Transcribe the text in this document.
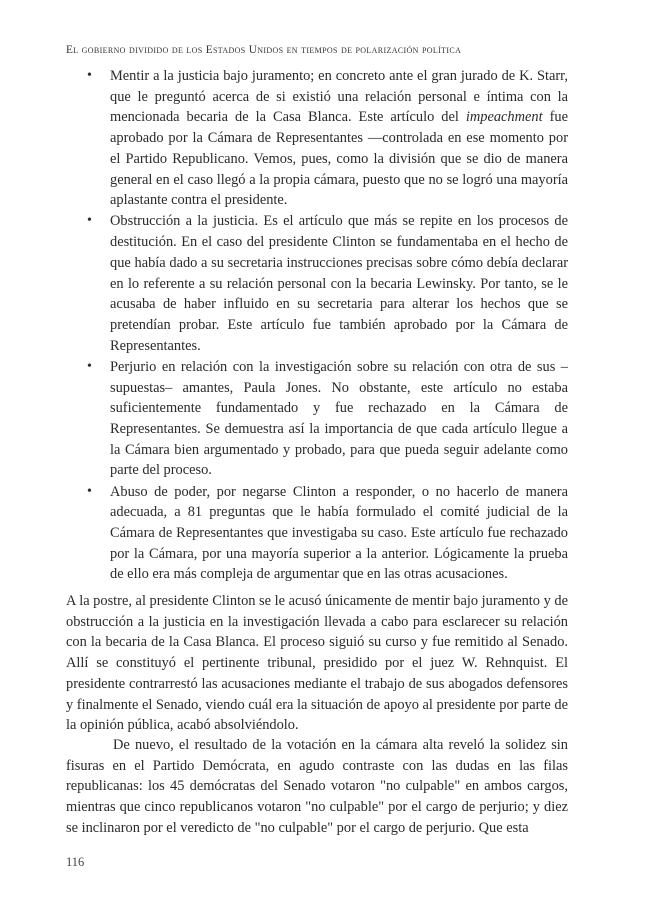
El gobierno dividido de los Estados Unidos en tiempos de polarización política
• Mentir a la justicia bajo juramento; en concreto ante el gran jurado de K. Starr, que le preguntó acerca de si existió una relación personal e íntima con la mencionada becaria de la Casa Blanca. Este artículo del impeachment fue aprobado por la Cámara de Representantes —controlada en ese momento por el Partido Republicano. Vemos, pues, como la división que se dio de manera general en el caso llegó a la propia cámara, puesto que no se logró una mayoría aplastante contra el presidente.
• Obstrucción a la justicia. Es el artículo que más se repite en los procesos de destitución. En el caso del presidente Clinton se fundamentaba en el hecho de que había dado a su secretaria instrucciones precisas sobre cómo debía declarar en lo referente a su relación personal con la becaria Lewinsky. Por tanto, se le acusaba de haber influido en su secretaria para alterar los hechos que se pretendían probar. Este artículo fue también aprobado por la Cámara de Representantes.
• Perjurio en relación con la investigación sobre su relación con otra de sus –supuestas– amantes, Paula Jones. No obstante, este artículo no estaba suficientemente fundamentado y fue rechazado en la Cámara de Representantes. Se demuestra así la importancia de que cada artículo llegue a la Cámara bien argumentado y probado, para que pueda seguir adelante como parte del proceso.
• Abuso de poder, por negarse Clinton a responder, o no hacerlo de manera adecuada, a 81 preguntas que le había formulado el comité judicial de la Cámara de Representantes que investigaba su caso. Este artículo fue rechazado por la Cámara, por una mayoría superior a la anterior. Lógicamente la prueba de ello era más compleja de argumentar que en las otras acusaciones.

A la postre, al presidente Clinton se le acusó únicamente de mentir bajo juramento y de obstrucción a la justicia en la investigación llevada a cabo para esclarecer su relación con la becaria de la Casa Blanca. El proceso siguió su curso y fue remitido al Senado. Allí se constituyó el pertinente tribunal, presidido por el juez W. Rehnquist. El presidente contrarrestó las acusaciones mediante el trabajo de sus abogados defensores y finalmente el Senado, viendo cuál era la situación de apoyo al presidente por parte de la opinión pública, acabó absolviéndolo.

De nuevo, el resultado de la votación en la cámara alta reveló la solidez sin fisuras en el Partido Demócrata, en agudo contraste con las dudas en las filas republicanas: los 45 demócratas del Senado votaron "no culpable" en ambos cargos, mientras que cinco republicanos votaron "no culpable" por el cargo de perjurio; y diez se inclinaron por el veredicto de "no culpable" por el cargo de perjurio. Que esta

116
